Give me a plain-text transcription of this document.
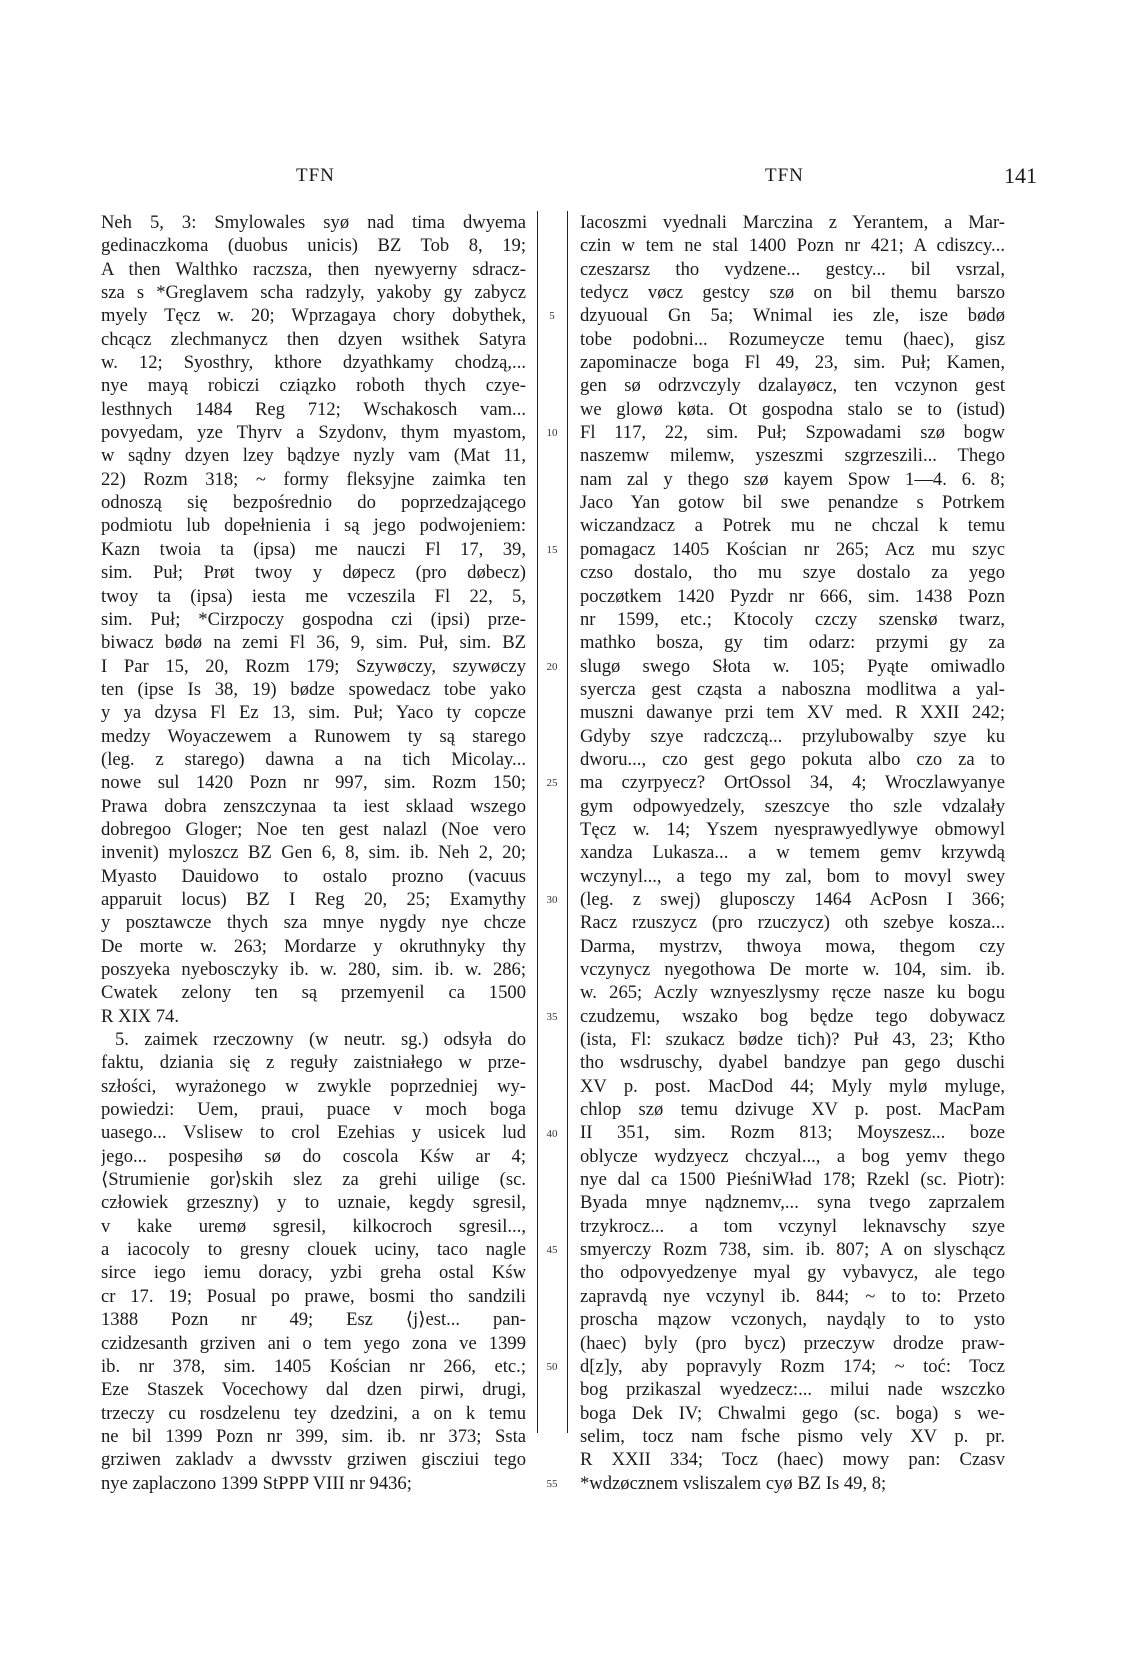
TFN	TFN	141
Neh 5, 3: Smylowales syø nad tima dwyema
gedinaczkoma (duobus unicis) BZ Tob 8, 19;
A then Walthko raczsza, then nyewyerny sdracz-
sza s *Greglavem scha radzyly, yakoby gy zabycz
myely Tęcz w. 20; Wprzagaya chory dobythek,
chcącz zlechmanycz then dzyen wsithek Satyra
w. 12; Syosthry, kthore dzyathkamy chodzą,...
nye mayą robiczi cziązko roboth thych czye-
lesthnych 1484 Reg 712; Wschakosch vam...
povyedam, yze Thyrv a Szydonv, thym myastom,
w sądny dzyen lzey bądzye nyzly vam (Mat 11,
22) Rozm 318; ~ formy fleksyjne zaimka ten
odnoszą się bezpośrednio do poprzedzającego
podmiotu lub dopełnienia i są jego podwojeniem:
Kazn twoia ta (ipsa) me nauczi Fl 17, 39,
sim. Puł; Prøt twoy y døpecz (pro døbecz)
twoy ta (ipsa) iesta me vczeszila Fl 22, 5,
sim. Puł; *Cirzpoczy gospodna czi (ipsi) prze-
biwacz bødø na zemi Fl 36, 9, sim. Puł, sim. BZ
I Par 15, 20, Rozm 179; Szywøczy, szywøczy
ten (ipse Is 38, 19) bødze spowedacz tobe yako
y ya dzysa Fl Ez 13, sim. Puł; Yaco ty copcze
medzy Woyaczewem a Runowem ty są starego
(leg. z starego) dawna a na tich Micolay...
nowe sul 1420 Pozn nr 997, sim. Rozm 150;
Prawa dobra zenszczynaa ta iest sklaad wszego
dobregoo Gloger; Noe ten gest nalazl (Noe vero
invenit) myloszcz BZ Gen 6, 8, sim. ib. Neh 2, 20;
Myasto Dauidowo to ostalo prozno (vacuus
apparuit locus) BZ I Reg 20, 25; Examythy
y posztawcze thych sza mnye nygdy nye chcze
De morte w. 263; Mordarze y okruthnyky thy
poszyeka nyebosczyky ib. w. 280, sim. ib. w. 286;
Cwatek zelony ten są przemyenil ca 1500
R XIX 74.
5. zaimek rzeczowny (w neutr. sg.) odsyła do
faktu, dziania się z reguły zaistniałego w prze-
szłości, wyrażonego w zwykle poprzedniej wy-
powiedzi: Uem, praui, puace v moch boga
uasego... Vslisew to crol Ezehias y usicek lud
jego... pospesihø sø do coscola Kśw ar 4;
⟨Strumienie gor⟩skih slez za grehi uilige (sc.
człowiek grzeszny) y to uznaie, kegdy sgresil,
v kake uremø sgresil, kilkocroch sgresil...,
a iacocoly to gresny clouek uciny, taco nagle
sirce iego iemu doracy, yzbi greha ostal Kśw
cr 17. 19; Posual po prawe, bosmi tho sandzili
1388 Pozn nr 49; Esz ⟨j⟩est... pan-
czidzesanth grziven ani o tem yego zona ve 1399
ib. nr 378, sim. 1405 Kościan nr 266, etc.;
Eze Staszek Vocechowy dal dzen pirwi, drugi,
trzeczy cu rosdzelenu tey dzedzini, a on k temu
ne bil 1399 Pozn nr 399, sim. ib. nr 373; Ssta
grziwen zakladv a dwvsstv grziwen giscziui tego
nye zaplaczono 1399 StPPP VIII nr 9436;
Iacoszmi vyednali Marczina z Yerantem, a Mar-
czin w tem ne stal 1400 Pozn nr 421; A cdiszcy...
czeszarsz tho vydzene... gestcy... bil vsrzal,
tedycz vøcz gestcy szø on bil themu barszo
dzyuoual Gn 5a; Wnimal ies zle, isze bødø
tobe podobni... Rozumeycze temu (haec), gisz
zapominacze boga Fl 49, 23, sim. Puł; Kamen,
gen sø odrzvczyly dzalayøcz, ten vczynon gest
we glowø køta. Ot gospodna stalo se to (istud)
Fl 117, 22, sim. Puł; Szpowadami szø bogw
naszemw milemw, yszeszmi szgrzeszili... Thego
nam zal y thego szø kayem Spow 1—4. 6. 8;
Jaco Yan gotow bil swe penandze s Potrkem
wiczandzacz a Potrek mu ne chczal k temu
pomagacz 1405 Kościan nr 265; Acz mu szyc
czso dostalo, tho mu szye dostalo za yego
poczøtkem 1420 Pyzdr nr 666, sim. 1438 Pozn
nr 1599, etc.; Ktocoly czczy szenskø twarz,
mathko bosza, gy tim odarz: przymi gy za
slugø swego Słota w. 105; Pyąte omiwadlo
syercza gest cząsta a naboszna modlitwa a yal-
muszni dawanye przi tem XV med. R XXII 242;
Gdyby szye radczczą... przylubowalby szye ku
dworu..., czo gest gego pokuta albo czo za to
ma czyrpyecz? OrtOssol 34, 4; Wroczlawyanye
gym odpowyedzely, szeszcye tho szle vdzalały
Tęcz w. 14; Yszem nyesprawyedlywye obmowyl
xandza Lukasza... a w temem gemv krzywdą
wczynyl..., a tego my zal, bom to movyl swey
(leg. z swej) gluposczy 1464 AcPosn I 366;
Racz rzuszycz (pro rzuczycz) oth szebye kosza...
Darma, mystrzv, thwoya mowa, thegom czy
vczynycz nyegothowa De morte w. 104, sim. ib.
w. 265; Aczly wznyeszlysmy ręcze nasze ku bogu
czudzemu, wszako bog będze tego dobywacz
(ista, Fl: szukacz bødze tich)? Puł 43, 23; Ktho
tho wsdruschy, dyabel bandzye pan gego duschi
XV p. post. MacDod 44; Myly mylø myluge,
chlop szø temu dzivuge XV p. post. MacPam
II 351, sim. Rozm 813; Moyszesz... boze
oblycze wydzyecz chczyal..., a bog yemv thego
nye dal ca 1500 PieśniWład 178; Rzekl (sc. Piotr):
Byada mnye nądznemv,... syna tvego zaprzalem
trzykrocz... a tom vczynyl leknavschy szye
smyerczy Rozm 738, sim. ib. 807; A on slyschącz
tho odpovyedzenye myal gy vybavycz, ale tego
zapravdą nye vczynyl ib. 844; ~ to to: Przeto
proscha mązow vczonych, naydąly to to ysto
(haec) byly (pro bycz) przeczyw drodze praw-
d[z]y, aby popravyly Rozm 174; ~ toć: Tocz
bog przikaszal wyedzecz:... milui nade wszczko
boga Dek IV; Chwalmi gego (sc. boga) s we-
selim, tocz nam fsche pismo vely XV p. pr.
R XXII 334; Tocz (haec) mowy pan: Czasv
*wdzøcznem vsliszalem cyø BZ Is 49, 8;
5
10
15
20
25
30
35
40
45
50
55
